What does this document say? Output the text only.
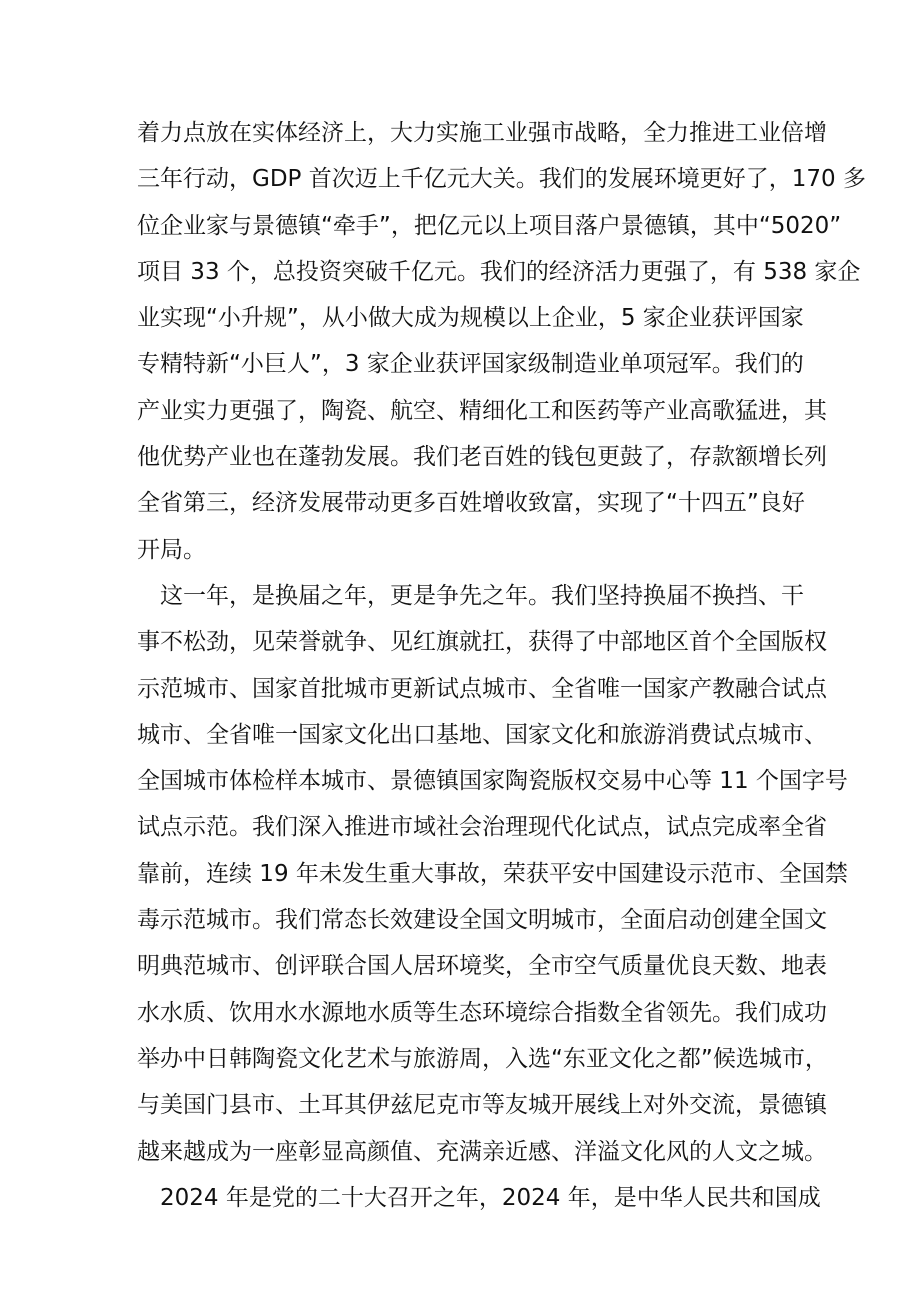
着力点放在实体经济上，大力实施工业强市战略，全力推进工业倍增
三年行动，GDP 首次迈上千亿元大关。我们的发展环境更好了，170 多
位企业家与景德镇“牵手”，把亿元以上项目落户景德镇，其中“5020”
项目 33 个，总投资突破千亿元。我们的经济活力更强了，有 538 家企
业实现“小升规”，从小做大成为规模以上企业，5 家企业获评国家
专精特新“小巨人”，3 家企业获评国家级制造业单项冠军。我们的
产业实力更强了，陶瓷、航空、精细化工和医药等产业高歌猛进，其
他优势产业也在蓬勃发展。我们老百姓的钱包更鼓了，存款额增长列
全省第三，经济发展带动更多百姓增收致富，实现了“十四五”良好
开局。
　这一年，是换届之年，更是争先之年。我们坚持换届不换挡、干
事不松劲，见荣誉就争、见红旗就扛，获得了中部地区首个全国版权
示范城市、国家首批城市更新试点城市、全省唯一国家产教融合试点
城市、全省唯一国家文化出口基地、国家文化和旅游消费试点城市、
全国城市体检样本城市、景德镇国家陶瓷版权交易中心等 11 个国字号
试点示范。我们深入推进市域社会治理现代化试点，试点完成率全省
靠前，连续 19 年未发生重大事故，荣获平安中国建设示范市、全国禁
毒示范城市。我们常态长效建设全国文明城市，全面启动创建全国文
明典范城市、创评联合国人居环境奖，全市空气质量优良天数、地表
水水质、饮用水水源地水质等生态环境综合指数全省领先。我们成功
举办中日韩陶瓷文化艺术与旅游周，入选“东亚文化之都”候选城市，
与美国门县市、土耳其伊兹尼克市等友城开展线上对外交流，景德镇
越来越成为一座彰显高颜值、充满亲近感、洋溢文化风的人文之城。
　2024 年是党的二十大召开之年，2024 年，是中华人民共和国成
